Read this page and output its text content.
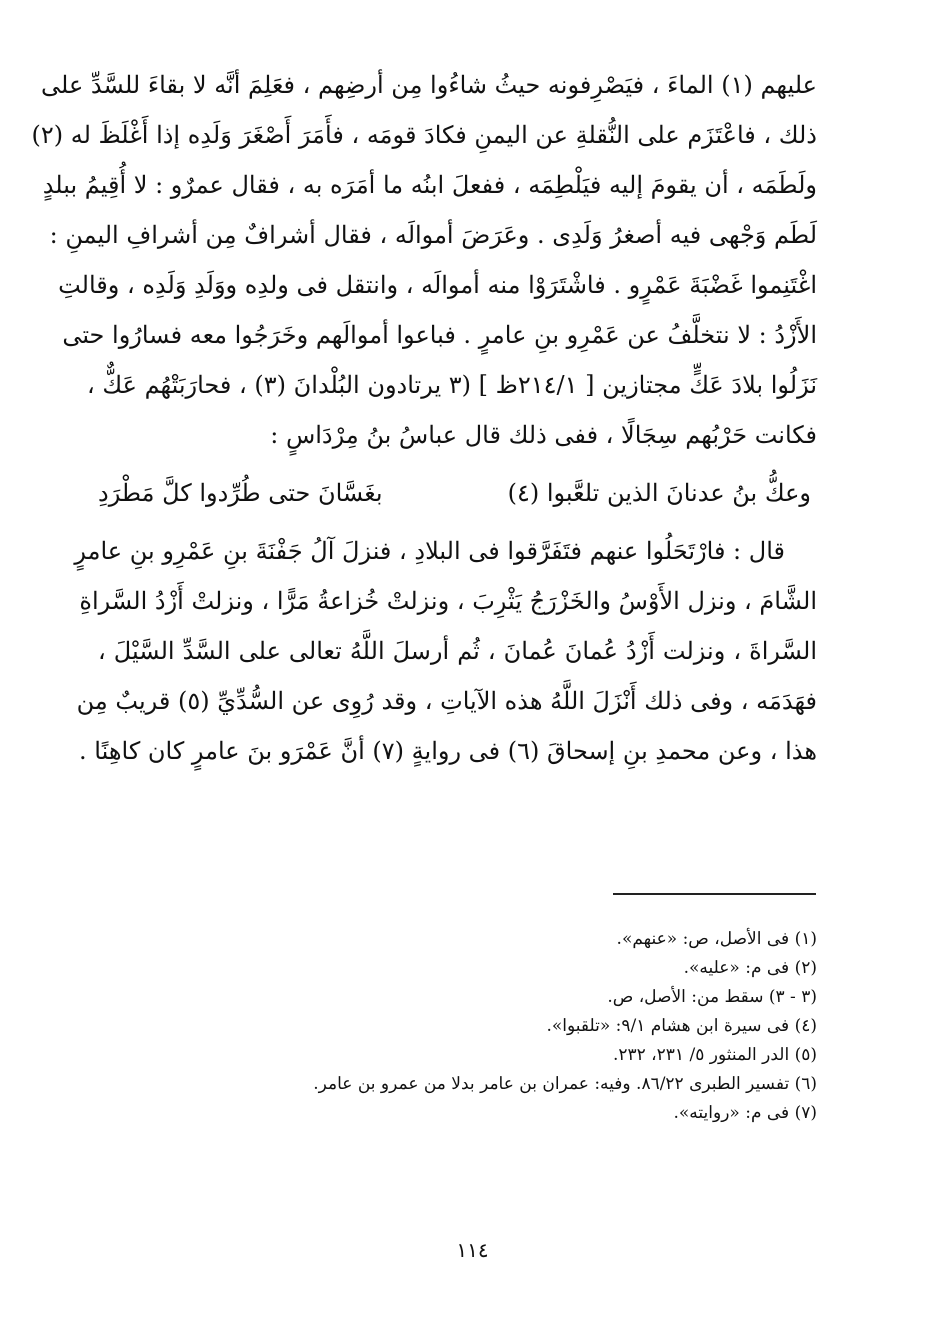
عليهم (١) الماءَ ، فيَصْرِفونه حيثُ شاءُوا مِن أرضِهم ، فعَلِمَ أنَّه لا بقاءَ للسَّدِّ على
ذلك ، فاعْتَزَم على النُّقلةِ عن اليمنِ فكادَ قومَه ، فأَمَرَ أَصْغَرَ وَلَدِه إذا أَغْلَظَ له (٢)
ولَطَمَه ، أن يقومَ إليه فيَلْطِمَه ، ففعلَ ابنُه ما أمَرَه به ، فقال عمرٌو : لا أُقِيمُ ببلدٍ
لَطَم وَجْهى فيه أصغرُ وَلَدِى . وعَرَضَ أموالَه ، فقال أشرافٌ مِن أشرافِ اليمنِ :
اغْتَنِموا غَضْبَةَ عَمْرٍو . فاشْتَرَوْا منه أموالَه ، وانتقل فى ولدِه ووَلَدِ وَلَدِه ، وقالتِ
الأَزْدُ : لا نتخلَّفُ عن عَمْرِو بنِ عامرٍ . فباعوا أموالَهم وخَرَجُوا معه فسارُوا حتى
نَزَلُوا بلادَ عَكٍّ مجتازين [ ٢١٤/١ظ ] (٣ يرتادون البُلْدانَ (٣) ، فحارَبَتْهُم عَكٌّ ،
فكانت حَرْبُهم سِجَالًا ، ففى ذلك قال عباسُ بنُ مِرْدَاسٍ :
وعكُّ بنُ عدنانَ الذين تلعَّبوا (٤)
بغَسَّانَ حتى طُرِّدوا كلَّ مَطْرَدِ
قال : فارْتَحَلُوا عنهم فتَفَرَّقوا فى البلادِ ، فنزلَ آلُ جَفْنَةَ بنِ عَمْرِو بنِ عامرٍ
الشَّامَ ، ونزل الأَوْسُ والخَزْرَجُ يَثْرِبَ ، ونزلتْ خُزاعةُ مَرًّا ، ونزلتْ أَزْدُ السَّراةِ
السَّراةَ ، ونزلت أَزْدُ عُمانَ عُمانَ ، ثُم أرسلَ اللَّهُ تعالى على السَّدِّ السَّيْلَ ،
فهَدَمَه ، وفى ذلك أَنْزَلَ اللَّهُ هذه الآياتِ ، وقد رُوِى عن السُّدِّيِّ (٥) قريبٌ مِن
هذا ، وعن محمدِ بنِ إسحاقَ (٦) فى روايةٍ (٧) أنَّ عَمْرَو بنَ عامرٍ كان كاهِنًا .
(١) فى الأصل، ص: «عنهم».
(٢) فى م: «عليه».
(٣ - ٣) سقط من: الأصل، ص.
(٤) فى سيرة ابن هشام ٩/١: «تلقبوا».
(٥) الدر المنثور ٥/ ٢٣١، ٢٣٢.
(٦) تفسير الطبرى ٨٦/٢٢. وفيه: عمران بن عامر بدلا من عمرو بن عامر.
(٧) فى م: «روايته».
١١٤
